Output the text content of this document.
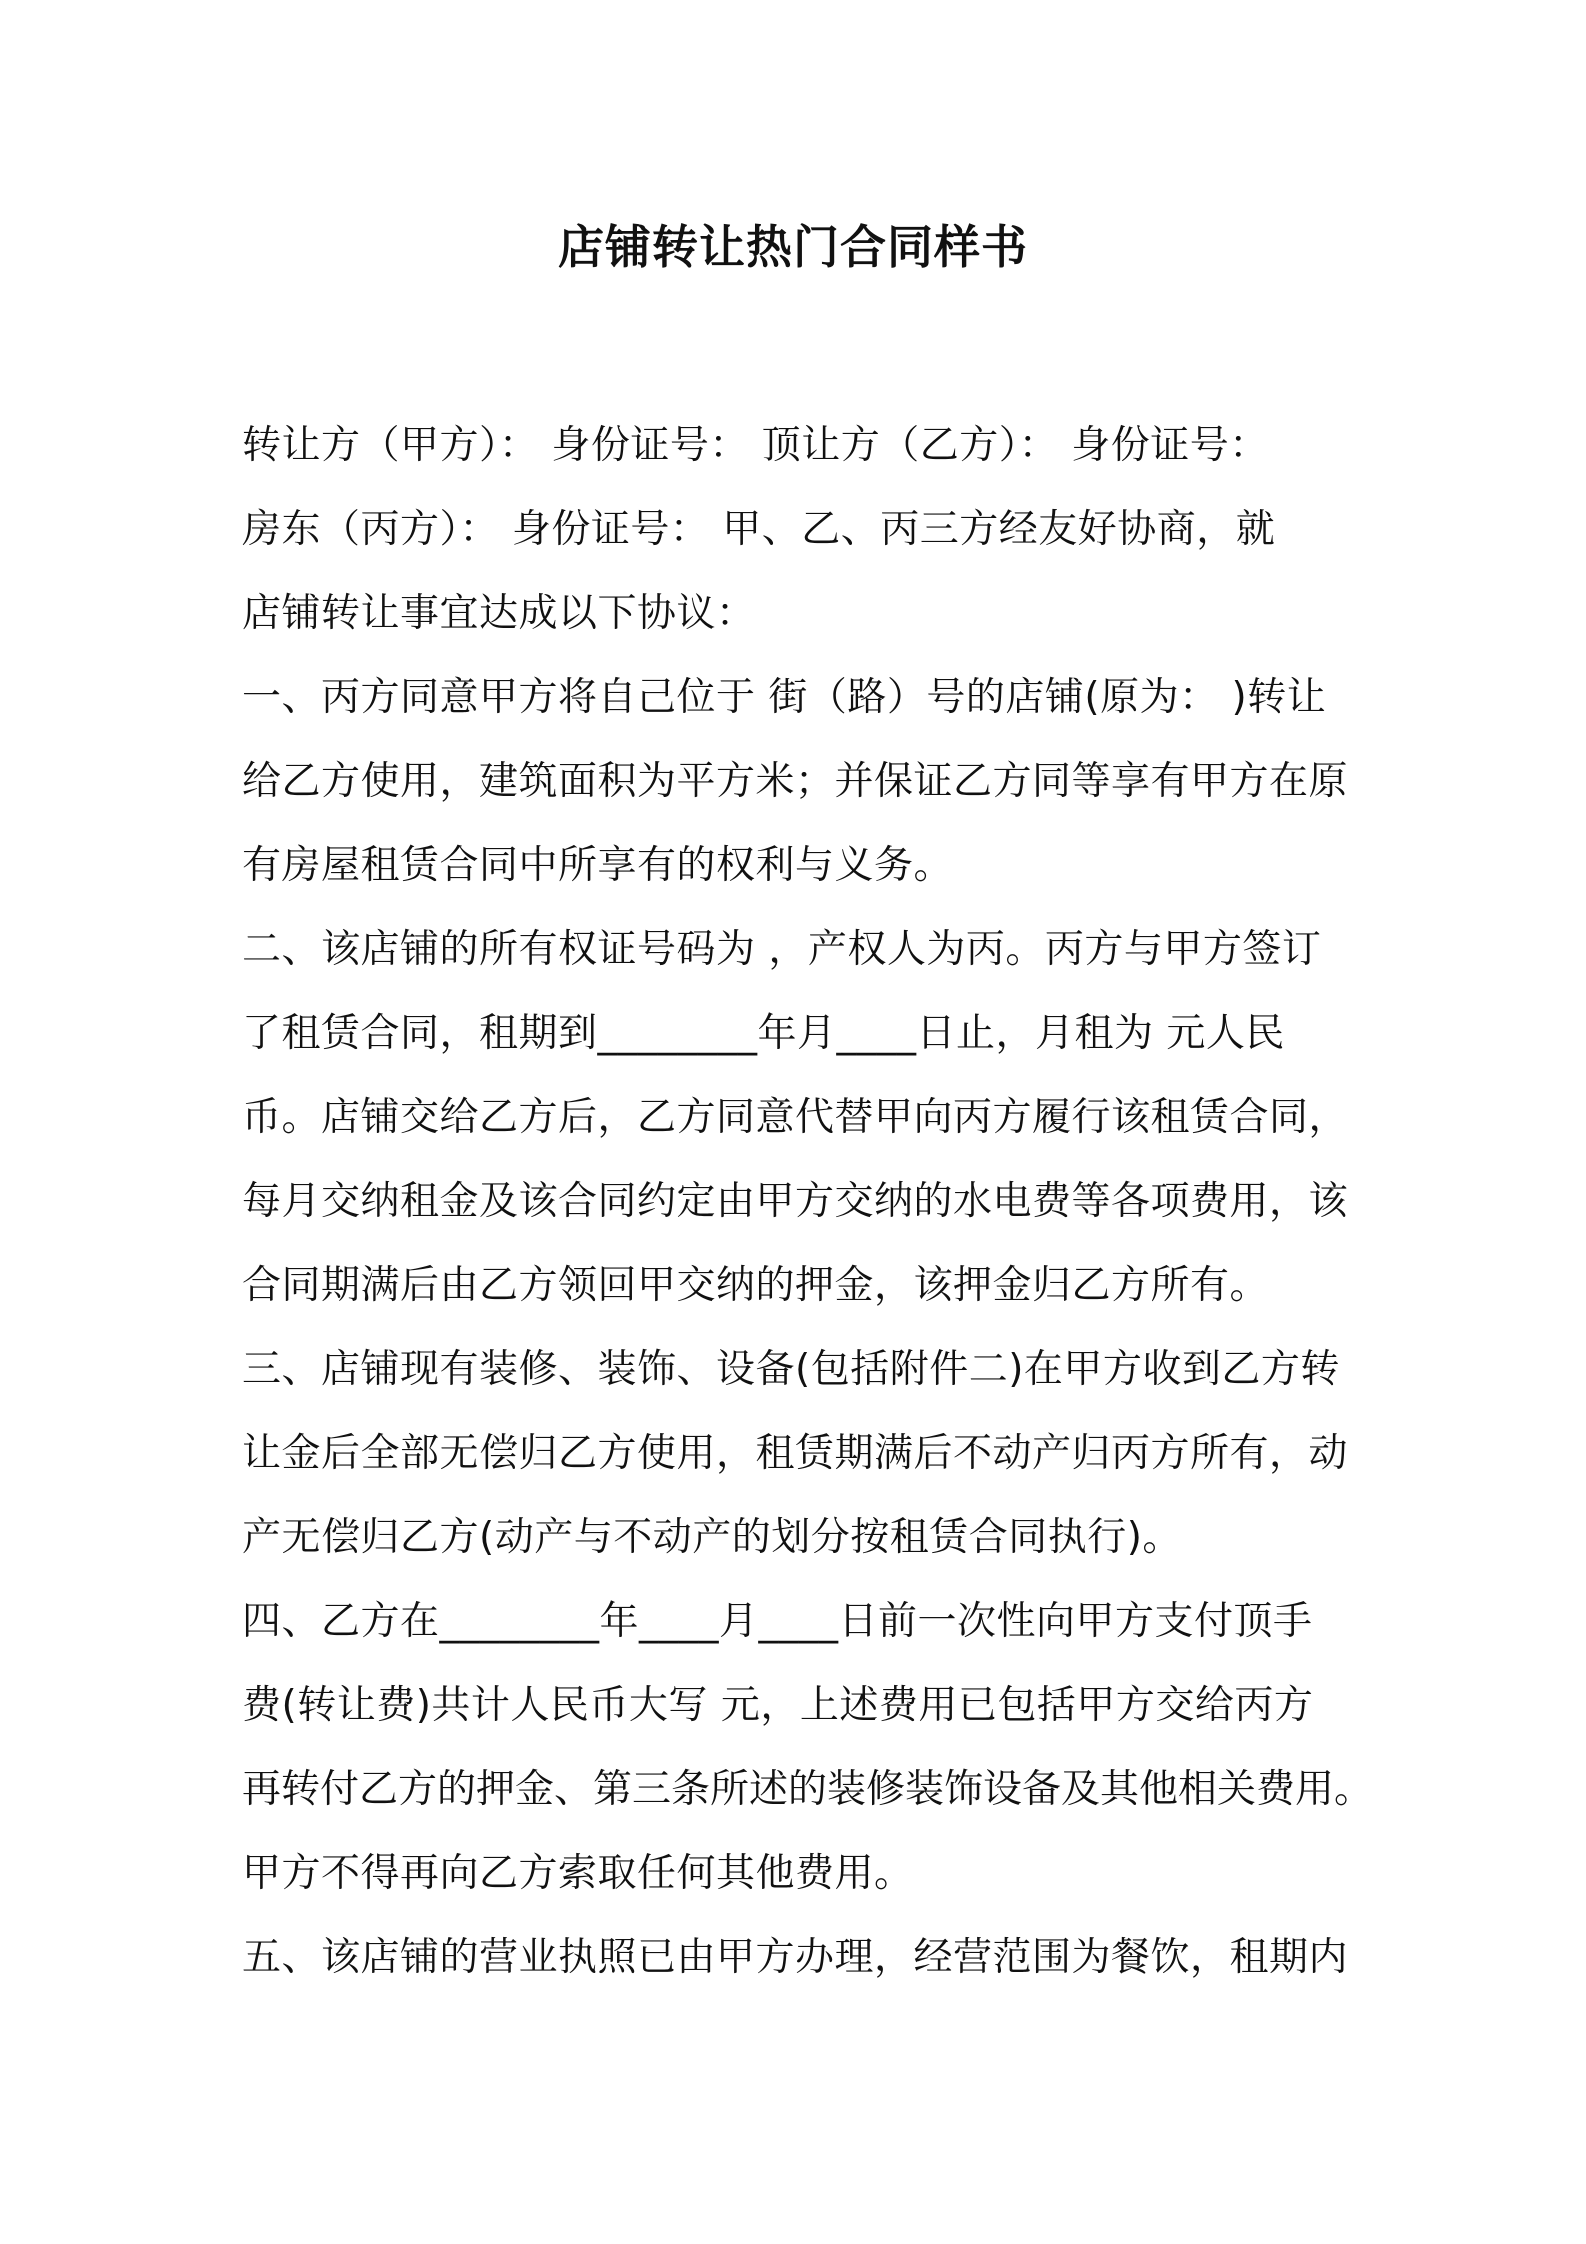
店铺转让热门合同样书
转让方（甲方）： 身份证号： 顶让方（乙方）： 身份证号：
房东（丙方）： 身份证号： 甲、乙、丙三方经友好协商，就
店铺转让事宜达成以下协议：
一、丙方同意甲方将自己位于 街（路）号的店铺(原为： )转让
给乙方使用，建筑面积为平方米；并保证乙方同等享有甲方在原
有房屋租赁合同中所享有的权利与义务。
二、该店铺的所有权证号码为 ，产权人为丙。丙方与甲方签订
了租赁合同，租期到________年月____日止，月租为 元人民
币。店铺交给乙方后，乙方同意代替甲向丙方履行该租赁合同，
每月交纳租金及该合同约定由甲方交纳的水电费等各项费用，该
合同期满后由乙方领回甲交纳的押金，该押金归乙方所有。
三、店铺现有装修、装饰、设备(包括附件二)在甲方收到乙方转
让金后全部无偿归乙方使用，租赁期满后不动产归丙方所有，动
产无偿归乙方(动产与不动产的划分按租赁合同执行)。
四、乙方在________年____月____日前一次性向甲方支付顶手
费(转让费)共计人民币大写 元，上述费用已包括甲方交给丙方
再转付乙方的押金、第三条所述的装修装饰设备及其他相关费用。
甲方不得再向乙方索取任何其他费用。
五、该店铺的营业执照已由甲方办理，经营范围为餐饮，租期内
